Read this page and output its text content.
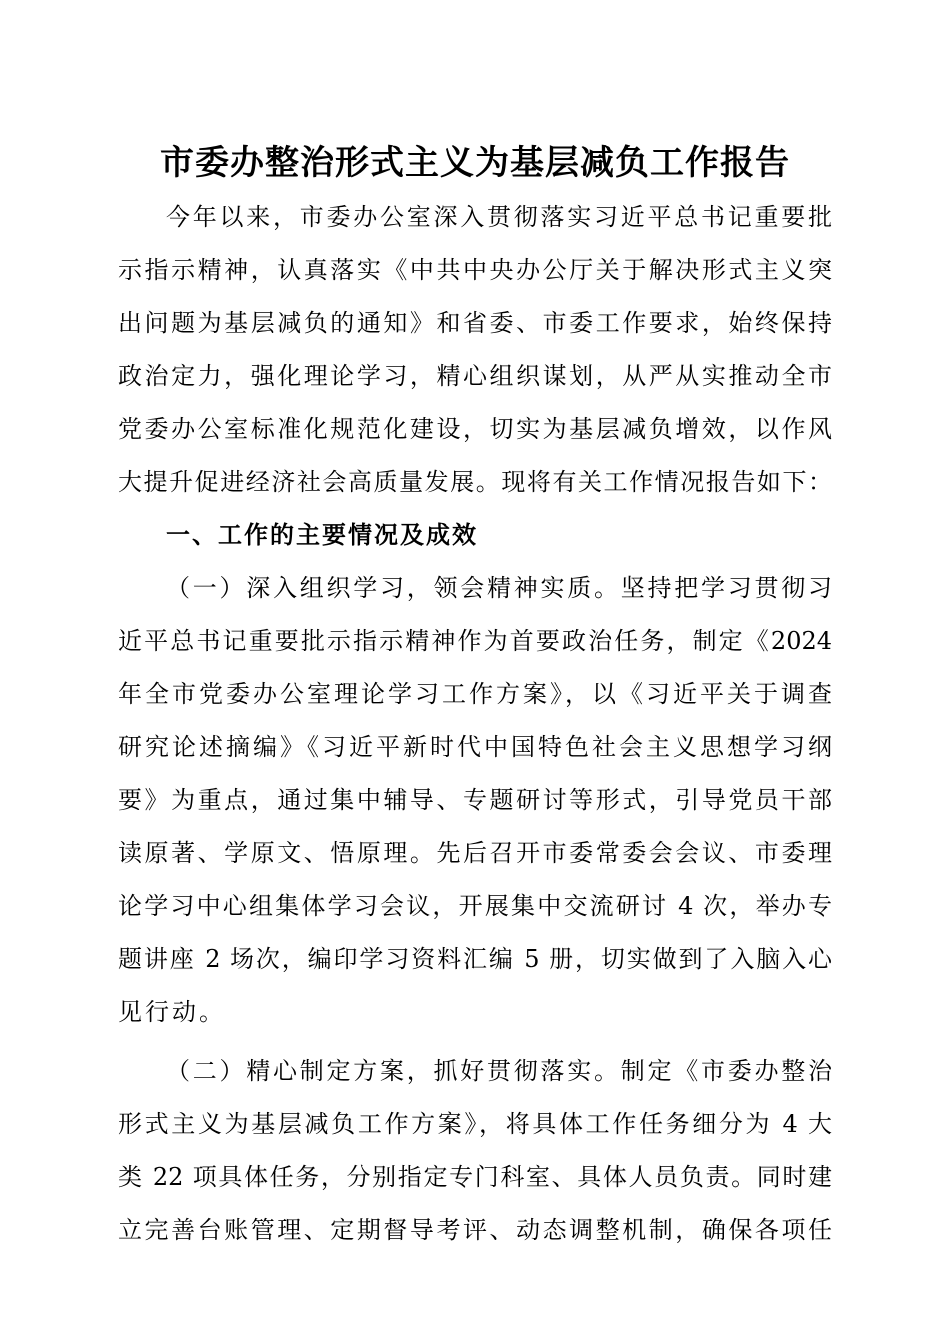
市委办整治形式主义为基层减负工作报告
今年以来，市委办公室深入贯彻落实习近平总书记重要批
示指示精神，认真落实《中共中央办公厅关于解决形式主义突
出问题为基层减负的通知》和省委、市委工作要求，始终保持
政治定力，强化理论学习，精心组织谋划，从严从实推动全市
党委办公室标准化规范化建设，切实为基层减负增效，以作风
大提升促进经济社会高质量发展。现将有关工作情况报告如下：
一、工作的主要情况及成效
（一）深入组织学习，领会精神实质。坚持把学习贯彻习
近平总书记重要批示指示精神作为首要政治任务，制定《2024
年全市党委办公室理论学习工作方案》，以《习近平关于调查
研究论述摘编》《习近平新时代中国特色社会主义思想学习纲
要》为重点，通过集中辅导、专题研讨等形式，引导党员干部
读原著、学原文、悟原理。先后召开市委常委会会议、市委理
论学习中心组集体学习会议，开展集中交流研讨 4 次，举办专
题讲座 2 场次，编印学习资料汇编 5 册，切实做到了入脑入心
见行动。
（二）精心制定方案，抓好贯彻落实。制定《市委办整治
形式主义为基层减负工作方案》，将具体工作任务细分为 4 大
类 22 项具体任务，分别指定专门科室、具体人员负责。同时建
立完善台账管理、定期督导考评、动态调整机制，确保各项任
